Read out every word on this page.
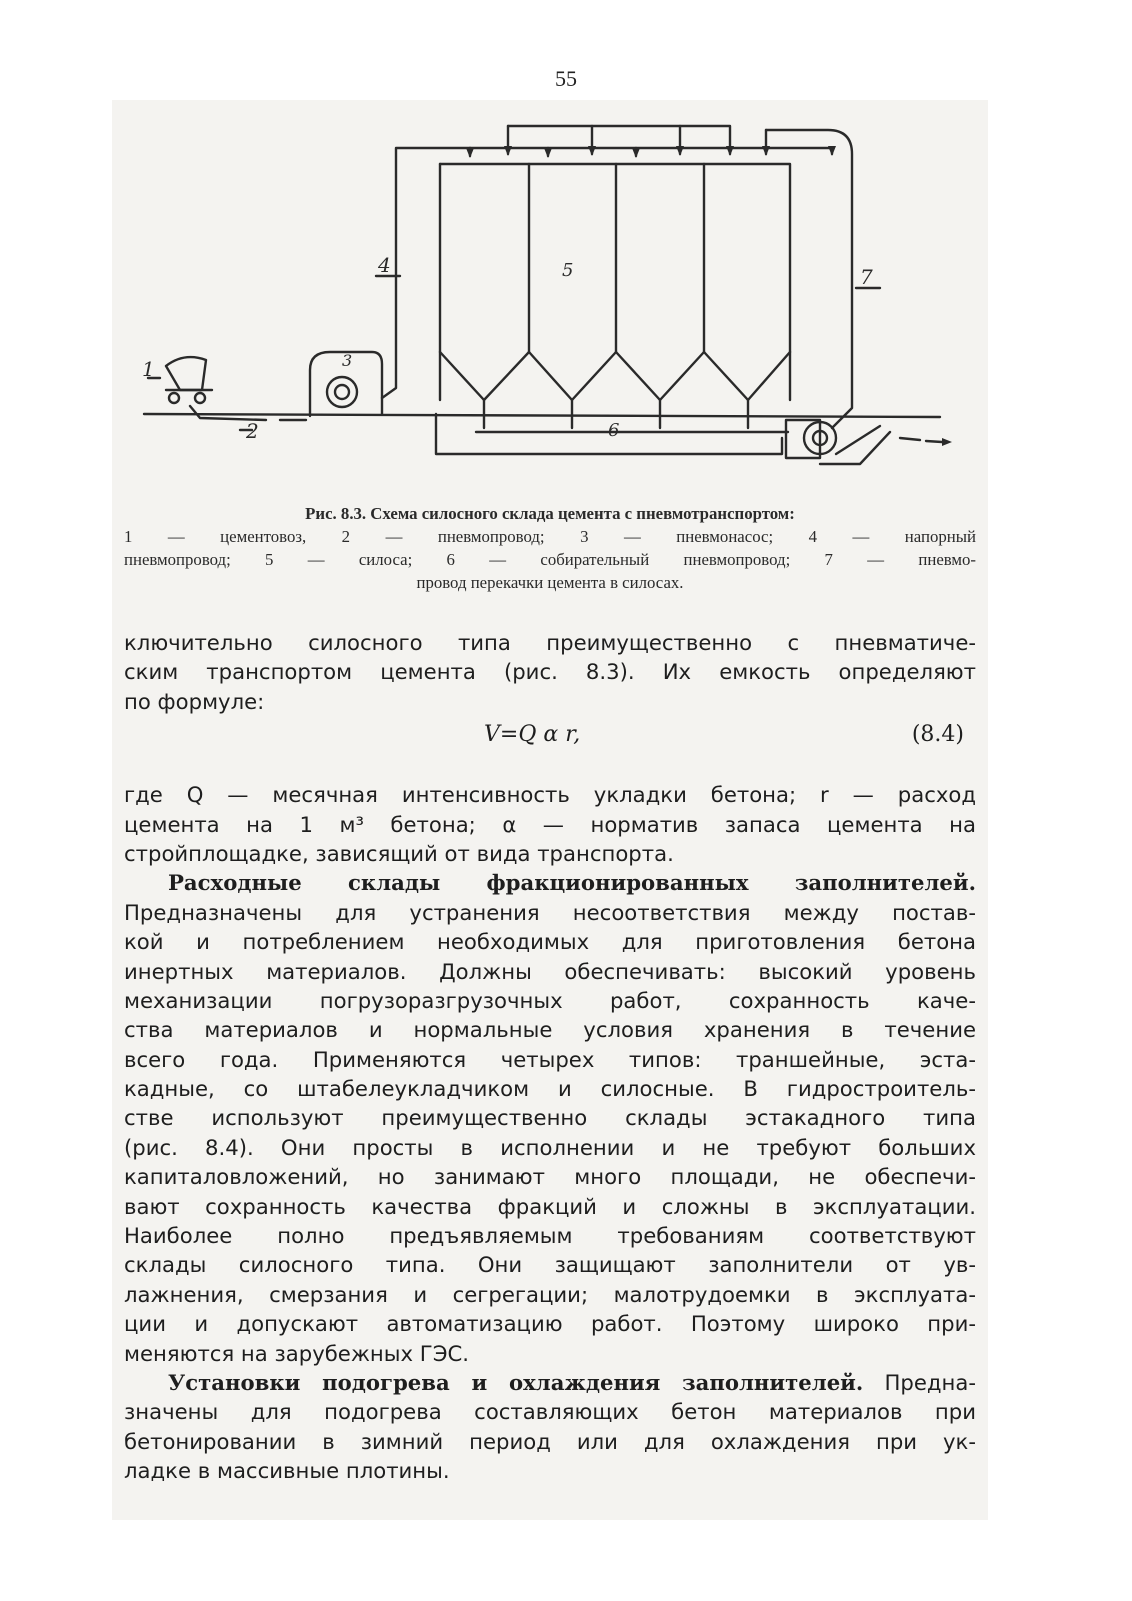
55
1
2
3
4	5
6
7
Рис. 8.3. Схема силосного склада цемента с пневмотранспортом:
1 — цементовоз, 2 — пневмопровод; 3 — пневмонасос; 4 — напорный
пневмопровод; 5 — силоса; 6 — собирательный пневмопровод; 7 — пневмо-
провод перекачки цемента в силосах.
ключительно силосного типа преимущественно с пневматиче-
ским транспортом цемента (рис. 8.3). Их емкость определяют
по формуле:
V=Q α r,	(8.4)
где Q — месячная интенсивность укладки бетона; r — расход
цемента на 1 м³ бетона; α — норматив запаса цемента на
стройплощадке, зависящий от вида транспорта.
Расходные склады фракционированных заполнителей.
Предназначены для устранения несоответствия между постав-
кой и потреблением необходимых для приготовления бетона
инертных материалов. Должны обеспечивать: высокий уровень
механизации погрузоразгрузочных работ, сохранность каче-
ства материалов и нормальные условия хранения в течение
всего года. Применяются четырех типов: траншейные, эста-
кадные, со штабелеукладчиком и силосные. В гидростроитель-
стве используют преимущественно склады эстакадного типа
(рис. 8.4). Они просты в исполнении и не требуют больших
капиталовложений, но занимают много площади, не обеспечи-
вают сохранность качества фракций и сложны в эксплуатации.
Наиболее полно предъявляемым требованиям соответствуют
склады силосного типа. Они защищают заполнители от ув-
лажнения, смерзания и сегрегации; малотрудоемки в эксплуата-
ции и допускают автоматизацию работ. Поэтому широко при-
меняются на зарубежных ГЭС.
Установки подогрева и охлаждения заполнителей. Предна-
значены для подогрева составляющих бетон материалов при
бетонировании в зимний период или для охлаждения при ук-
ладке в массивные плотины.
